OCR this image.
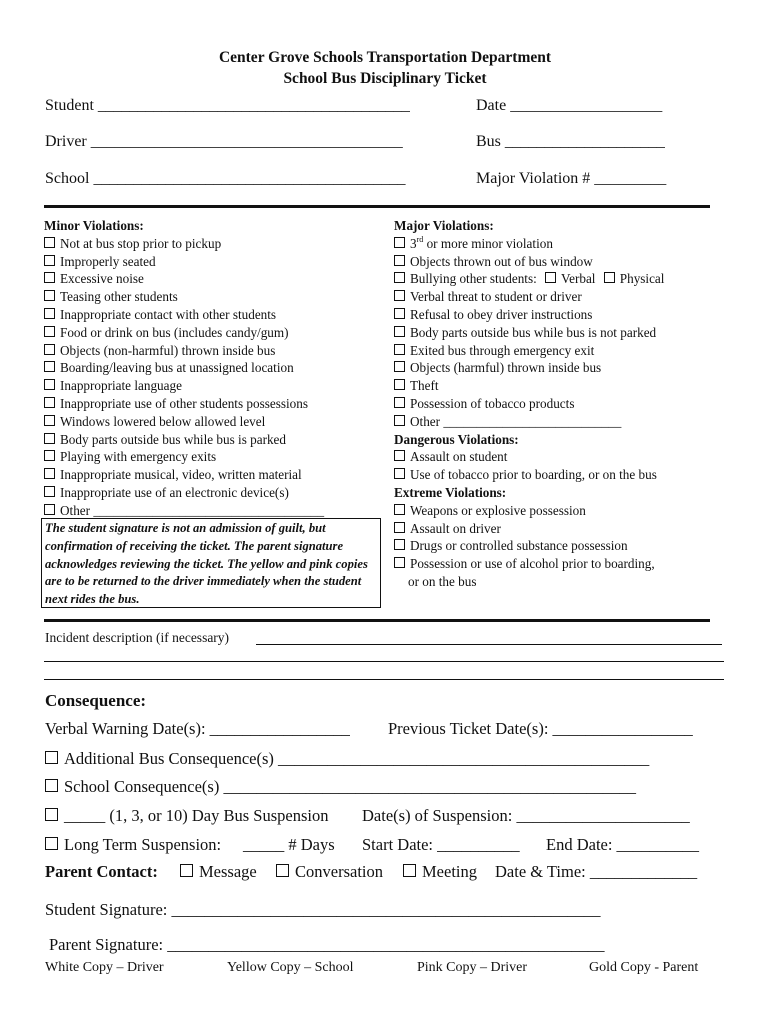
Center Grove Schools Transportation Department
School Bus Disciplinary Ticket
Student _______________________________________	Date ___________________
Driver _______________________________________	Bus ____________________
School _______________________________________	Major Violation # _________
Minor Violations:
Not at bus stop prior to pickup
Improperly seated
Excessive noise
Teasing other students
Inappropriate contact with other students
Food or drink on bus (includes candy/gum)
Objects (non-harmful) thrown inside bus
Boarding/leaving bus at unassigned location
Inappropriate language
Inappropriate use of other students possessions
Windows lowered below allowed level
Body parts outside bus while bus is parked
Playing with emergency exits
Inappropriate musical, video, written material
Inappropriate use of an electronic device(s)
Other ___________________________________
The student signature is not an admission of guilt, but confirmation of receiving the ticket. The parent signature acknowledges reviewing the ticket. The yellow and pink copies are to be returned to the driver immediately when the student next rides the bus.
Major Violations:
3rd or more minor violation
Objects thrown out of bus window
Bullying other students: Verbal Physical
Verbal threat to student or driver
Refusal to obey driver instructions
Body parts outside bus while bus is not parked
Exited bus through emergency exit
Objects (harmful) thrown inside bus
Theft
Possession of tobacco products
Other ___________________________
Dangerous Violations:
Assault on student
Use of tobacco prior to boarding, or on the bus
Extreme Violations:
Weapons or explosive possession
Assault on driver
Drugs or controlled substance possession
Possession or use of alcohol prior to boarding,
or on the bus
Incident description (if necessary)
Consequence:
Verbal Warning Date(s): _________________ Previous Ticket Date(s): _________________
Additional Bus Consequence(s) _____________________________________________
School Consequence(s) __________________________________________________
_____ (1, 3, or 10) Day Bus Suspension Date(s) of Suspension: _____________________
Long Term Suspension: _____ # Days Start Date: __________ End Date: __________
Parent Contact:	Message	Conversation	Meeting Date & Time: _____________
Student Signature: ____________________________________________________
Parent Signature: _____________________________________________________
White Copy – Driver	Yellow Copy – School	Pink Copy – Driver	Gold Copy - Parent
